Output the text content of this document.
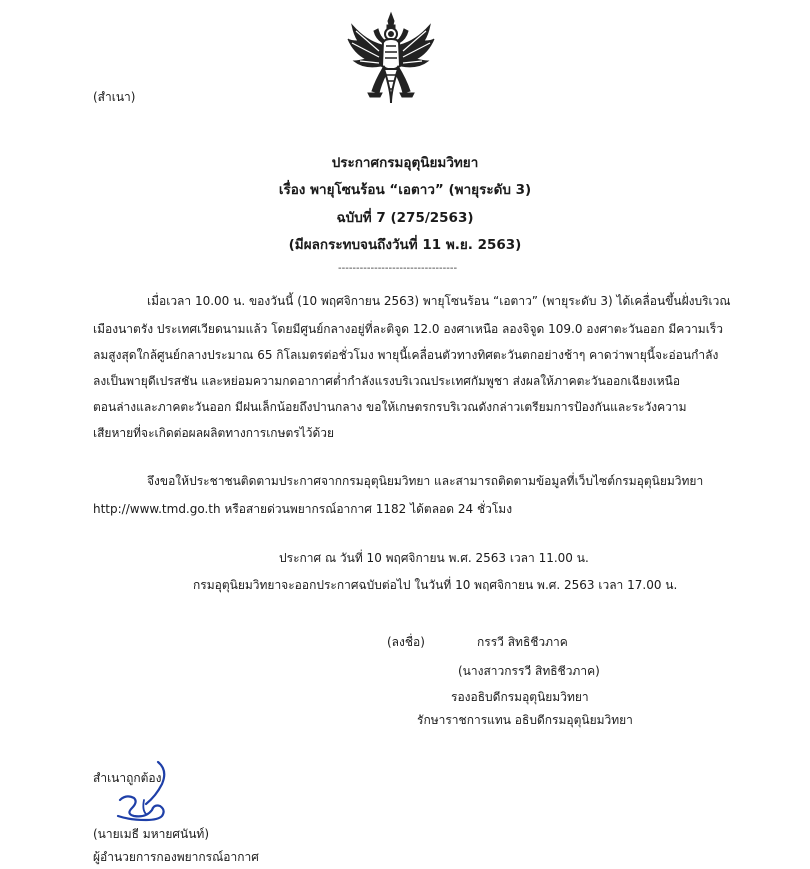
(สำเนา)
ประกาศกรมอุตุนิยมวิทยา
เรื่อง พายุโซนร้อน “เอตาว” (พายุระดับ 3)
ฉบับที่ 7 (275/2563)
(มีผลกระทบจนถึงวันที่ 11 พ.ย. 2563)
---------------------------------
เมื่อเวลา 10.00 น. ของวันนี้ (10 พฤศจิกายน 2563) พายุโซนร้อน “เอตาว” (พายุระดับ 3) ได้เคลื่อนขึ้นฝั่งบริเวณ
เมืองนาตรัง ประเทศเวียดนามแล้ว โดยมีศูนย์กลางอยู่ที่ละติจูด 12.0 องศาเหนือ ลองจิจูด 109.0 องศาตะวันออก มีความเร็ว
ลมสูงสุดใกล้ศูนย์กลางประมาณ 65 กิโลเมตรต่อชั่วโมง พายุนี้เคลื่อนตัวทางทิศตะวันตกอย่างช้าๆ คาดว่าพายุนี้จะอ่อนกำลัง
ลงเป็นพายุดีเปรสชัน และหย่อมความกดอากาศต่ำกำลังแรงบริเวณประเทศกัมพูชา ส่งผลให้ภาคตะวันออกเฉียงเหนือ
ตอนล่างและภาคตะวันออก มีฝนเล็กน้อยถึงปานกลาง ขอให้เกษตรกรบริเวณดังกล่าวเตรียมการป้องกันและระวังความ
เสียหายที่จะเกิดต่อผลผลิตทางการเกษตรไว้ด้วย
จึงขอให้ประชาชนติดตามประกาศจากกรมอุตุนิยมวิทยา และสามารถติดตามข้อมูลที่เว็บไซต์กรมอุตุนิยมวิทยา
http://www.tmd.go.th หรือสายด่วนพยากรณ์อากาศ 1182 ได้ตลอด 24 ชั่วโมง
ประกาศ ณ วันที่ 10 พฤศจิกายน พ.ศ. 2563 เวลา 11.00 น.
กรมอุตุนิยมวิทยาจะออกประกาศฉบับต่อไป ในวันที่ 10 พฤศจิกายน พ.ศ. 2563 เวลา 17.00 น.
(ลงชื่อ)	กรรวี สิทธิชีวภาค
(นางสาวกรรวี สิทธิชีวภาค)
รองอธิบดีกรมอุตุนิยมวิทยา
รักษาราชการแทน อธิบดีกรมอุตุนิยมวิทยา
สำเนาถูกต้อง
(นายเมธี มหายศนันท์)
ผู้อำนวยการกองพยากรณ์อากาศ
